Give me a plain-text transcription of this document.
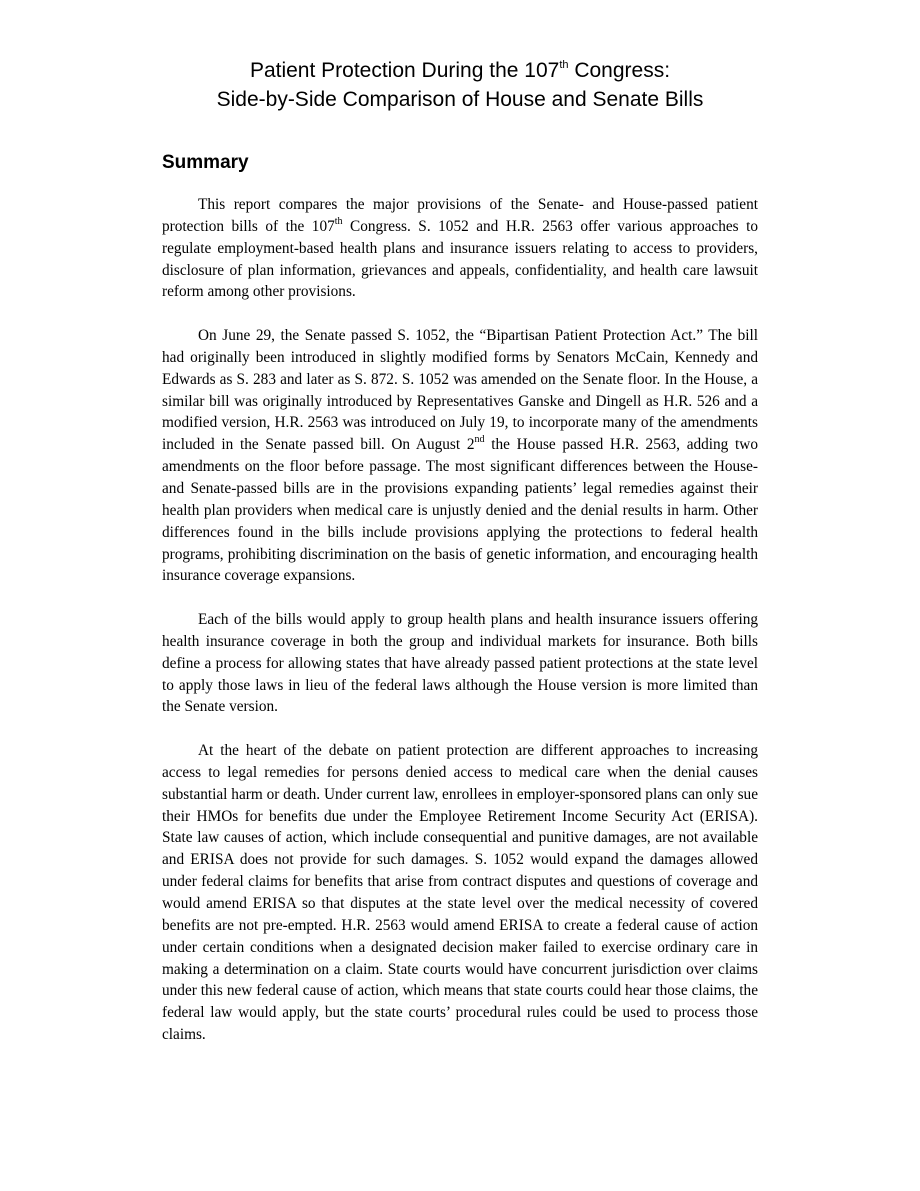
Patient Protection During the 107th Congress:
Side-by-Side Comparison of House and Senate Bills
Summary

This report compares the major provisions of the Senate- and House-passed patient protection bills of the 107th Congress. S. 1052 and H.R. 2563 offer various approaches to regulate employment-based health plans and insurance issuers relating to access to providers, disclosure of plan information, grievances and appeals, confidentiality, and health care lawsuit reform among other provisions.

On June 29, the Senate passed S. 1052, the “Bipartisan Patient Protection Act.” The bill had originally been introduced in slightly modified forms by Senators McCain, Kennedy and Edwards as S. 283 and later as S. 872. S. 1052 was amended on the Senate floor. In the House, a similar bill was originally introduced by Representatives Ganske and Dingell as H.R. 526 and a modified version, H.R. 2563 was introduced on July 19, to incorporate many of the amendments included in the Senate passed bill. On August 2nd the House passed H.R. 2563, adding two amendments on the floor before passage. The most significant differences between the House- and Senate-passed bills are in the provisions expanding patients’ legal remedies against their health plan providers when medical care is unjustly denied and the denial results in harm. Other differences found in the bills include provisions applying the protections to federal health programs, prohibiting discrimination on the basis of genetic information, and encouraging health insurance coverage expansions.

Each of the bills would apply to group health plans and health insurance issuers offering health insurance coverage in both the group and individual markets for insurance. Both bills define a process for allowing states that have already passed patient protections at the state level to apply those laws in lieu of the federal laws although the House version is more limited than the Senate version.

At the heart of the debate on patient protection are different approaches to increasing access to legal remedies for persons denied access to medical care when the denial causes substantial harm or death. Under current law, enrollees in employer-sponsored plans can only sue their HMOs for benefits due under the Employee Retirement Income Security Act (ERISA). State law causes of action, which include consequential and punitive damages, are not available and ERISA does not provide for such damages. S. 1052 would expand the damages allowed under federal claims for benefits that arise from contract disputes and questions of coverage and would amend ERISA so that disputes at the state level over the medical necessity of covered benefits are not pre-empted. H.R. 2563 would amend ERISA to create a federal cause of action under certain conditions when a designated decision maker failed to exercise ordinary care in making a determination on a claim. State courts would have concurrent jurisdiction over claims under this new federal cause of action, which means that state courts could hear those claims, the federal law would apply, but the state courts’ procedural rules could be used to process those claims.
